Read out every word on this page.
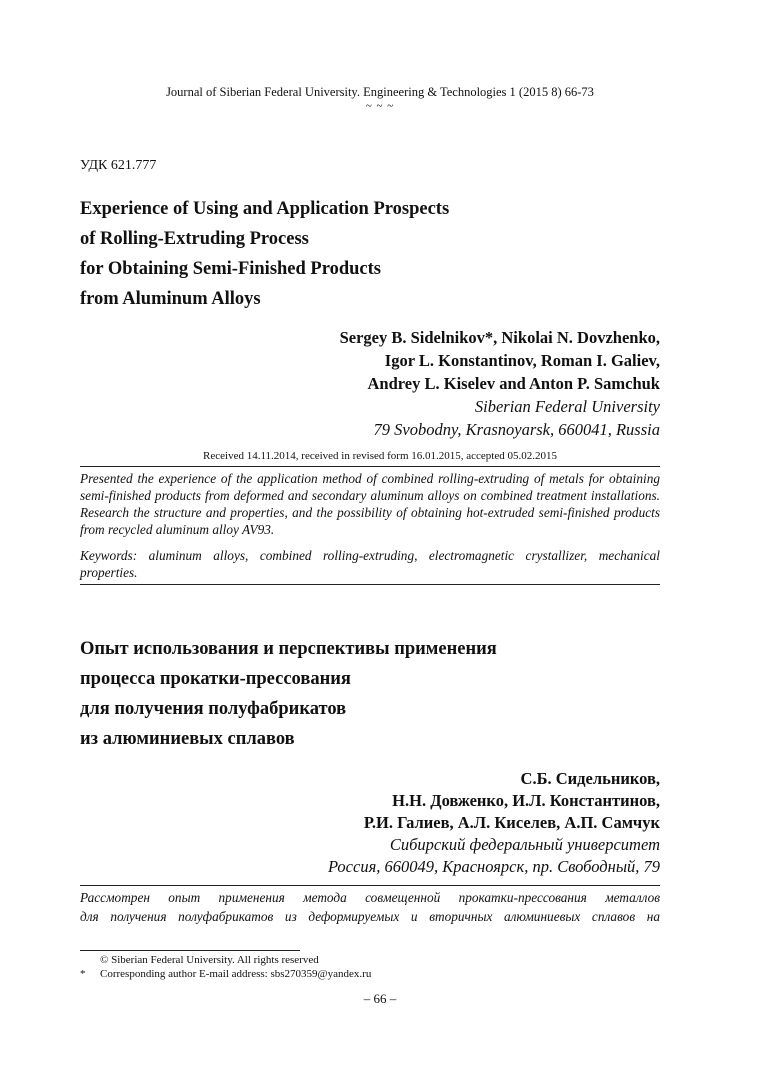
Journal of Siberian Federal University. Engineering & Technologies 1 (2015 8) 66-73
~ ~ ~
УДК 621.777
Experience of Using and Application Prospects
of Rolling-Extruding Process
for Obtaining Semi-Finished Products
from Aluminum Alloys
Sergey B. Sidelnikov*, Nikolai N. Dovzhenko,
Igor L. Konstantinov, Roman I. Galiev,
Andrey L. Kiselev and Anton P. Samchuk
Siberian Federal University
79 Svobodny, Krasnoyarsk, 660041, Russia
Received 14.11.2014, received in revised form 16.01.2015, accepted 05.02.2015
Presented the experience of the application method of combined rolling-extruding of metals for obtaining semi-finished products from deformed and secondary aluminum alloys on combined treatment installations. Research the structure and properties, and the possibility of obtaining hot-extruded semi-finished products from recycled aluminum alloy AV93.
Keywords: aluminum alloys, combined rolling-extruding, electromagnetic crystallizer, mechanical properties.
Опыт использования и перспективы применения
процесса прокатки-прессования
для получения полуфабрикатов
из алюминиевых сплавов
С.Б. Сидельников,
Н.Н. Довженко, И.Л. Константинов,
Р.И. Галиев, А.Л. Киселев, А.П. Самчук
Сибирский федеральный университет
Россия, 660049, Красноярск, пр. Свободный, 79
Рассмотрен опыт применения метода совмещенной прокатки-прессования металлов
для получения полуфабрикатов из деформируемых и вторичных алюминиевых сплавов на
© Siberian Federal University. All rights reserved
* Corresponding author E-mail address: sbs270359@yandex.ru
– 66 –
